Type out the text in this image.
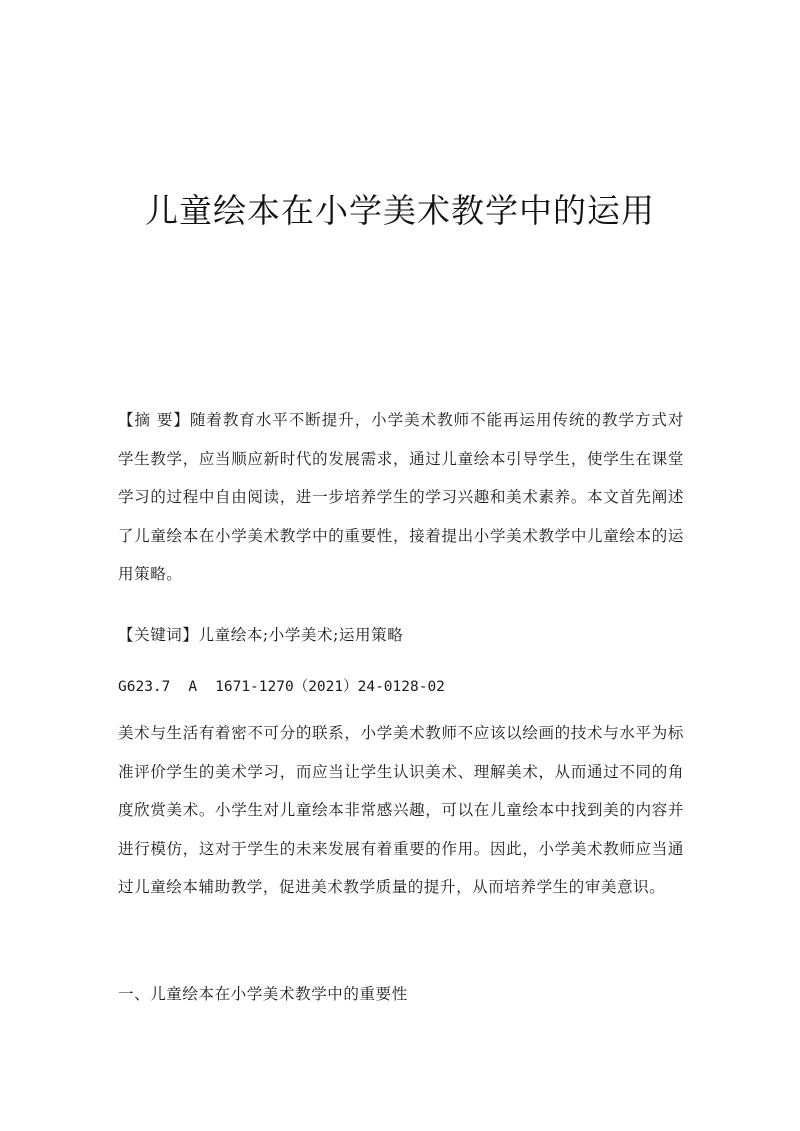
儿童绘本在小学美术教学中的运用
【摘 要】随着教育水平不断提升，小学美术教师不能再运用传统的教学方式对学生教学，应当顺应新时代的发展需求，通过儿童绘本引导学生，使学生在课堂学习的过程中自由阅读，进一步培养学生的学习兴趣和美术素养。本文首先阐述了儿童绘本在小学美术教学中的重要性，接着提出小学美术教学中儿童绘本的运用策略。
【关键词】儿童绘本;小学美术;运用策略
G623.7 A 1671-1270（2021）24-0128-02
美术与生活有着密不可分的联系，小学美术教师不应该以绘画的技术与水平为标准评价学生的美术学习，而应当让学生认识美术、理解美术，从而通过不同的角度欣赏美术。小学生对儿童绘本非常感兴趣，可以在儿童绘本中找到美的内容并进行模仿，这对于学生的未来发展有着重要的作用。因此，小学美术教师应当通过儿童绘本辅助教学，促进美术教学质量的提升，从而培养学生的审美意识。
一、儿童绘本在小学美术教学中的重要性
